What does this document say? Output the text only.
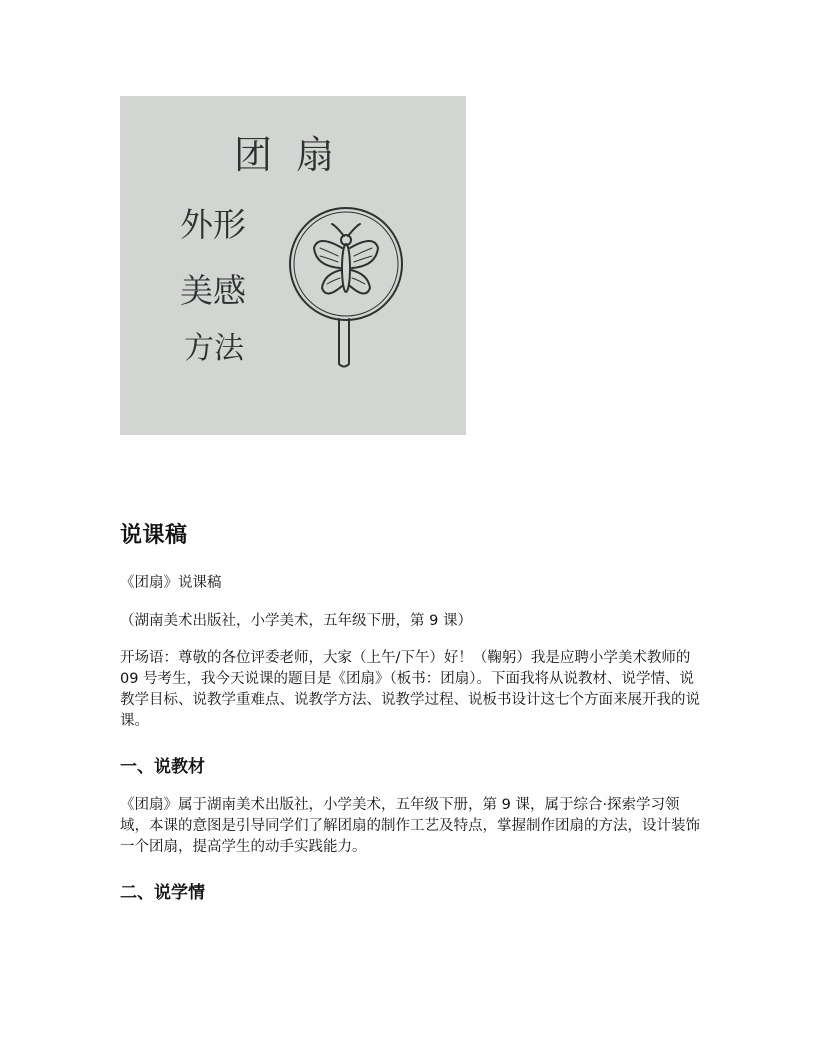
团 扇
外形
美感
方法
说课稿

《团扇》说课稿

（湖南美术出版社，小学美术，五年级下册，第 9 课）

开场语：尊敬的各位评委老师，大家（上午/下午）好！（鞠躬）我是应聘小学美术教师的 09 号考生，我今天说课的题目是《团扇》（板书：团扇）。下面我将从说教材、说学情、说教学目标、说教学重难点、说教学方法、说教学过程、说板书设计这七个方面来展开我的说课。

一、说教材

《团扇》属于湖南美术出版社，小学美术，五年级下册，第 9 课，属于综合·探索学习领域，本课的意图是引导同学们了解团扇的制作工艺及特点，掌握制作团扇的方法，设计装饰一个团扇，提高学生的动手实践能力。

二、说学情
